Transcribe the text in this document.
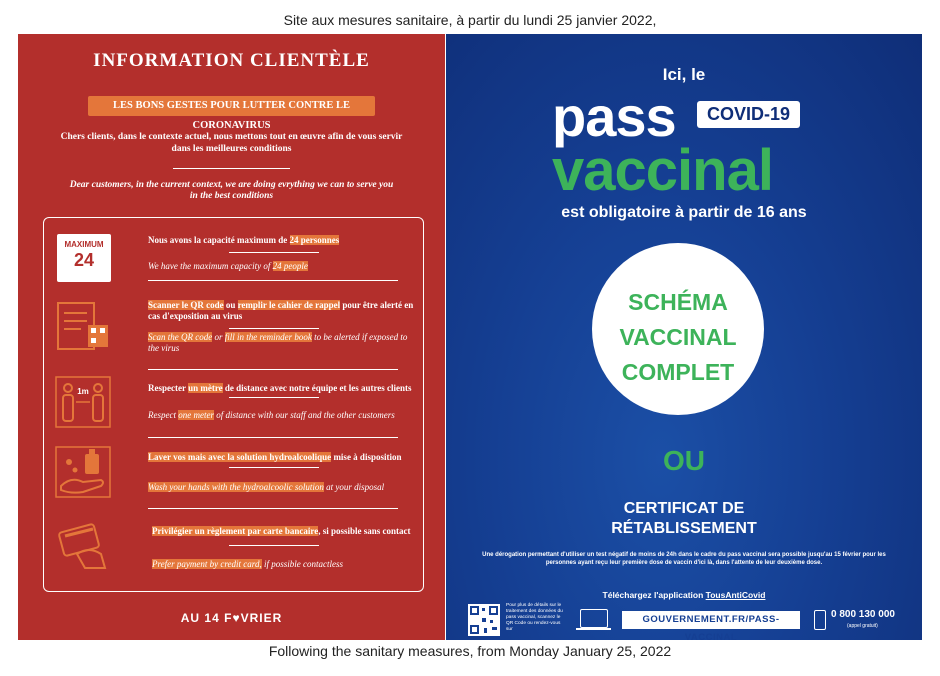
Site aux mesures sanitaire, à partir du lundi 25 janvier 2022,
INFORMATION CLIENTÈLE
LES BONS GESTES POUR LUTTER CONTRE LE CORONAVIRUS
Chers clients, dans le contexte actuel, nous mettons tout en œuvre afin de vous servir dans les meilleures conditions
Dear customers, in the current context, we are doing evrything we can to serve you in the best conditions
MAXIMUM
24
Nous avons la capacité maximum de 24 personnes
We have the maximum capacity of 24 people
Scanner le QR code ou remplir le cahier de rappel pour être alerté en cas d'exposition au virus
Scan the QR code or fill in the reminder book to be alerted if exposed to the virus
1m	Respecter un mètre de distance avec notre équipe et les autres clients
Respect one meter of distance with our staff and the other customers
Laver vos mais avec la solution hydroalcoolique mise à disposition
Wash your hands with the hydroalcoolic solution at your disposal
Privilégier un règlement par carte bancaire, si possible sans contact
Prefer payment by credit card, if possible contactless
AU 14 F♥VRIER
Ici, le
pass	COVID-19
vaccinal
est obligatoire à partir de 16 ans
SCHÉMA
VACCINAL
COMPLET
OU
CERTIFICAT DE
RÉTABLISSEMENT
Une dérogation permettant d'utiliser un test négatif de moins de 24h dans le cadre du pass vaccinal sera possible jusqu'au 15 février pour les personnes ayant reçu leur première dose de vaccin d'ici là, dans l'attente de leur deuxième dose.
Téléchargez l'application TousAntiCovid
Pour plus de détails sur le traitement des données du pass vaccinal, scannez le QR Code ou rendez-vous sur
GOUVERNEMENT.FR/PASS-VACCINAL
0 800 130 000
(appel gratuit)
Following the sanitary measures, from Monday January 25, 2022
